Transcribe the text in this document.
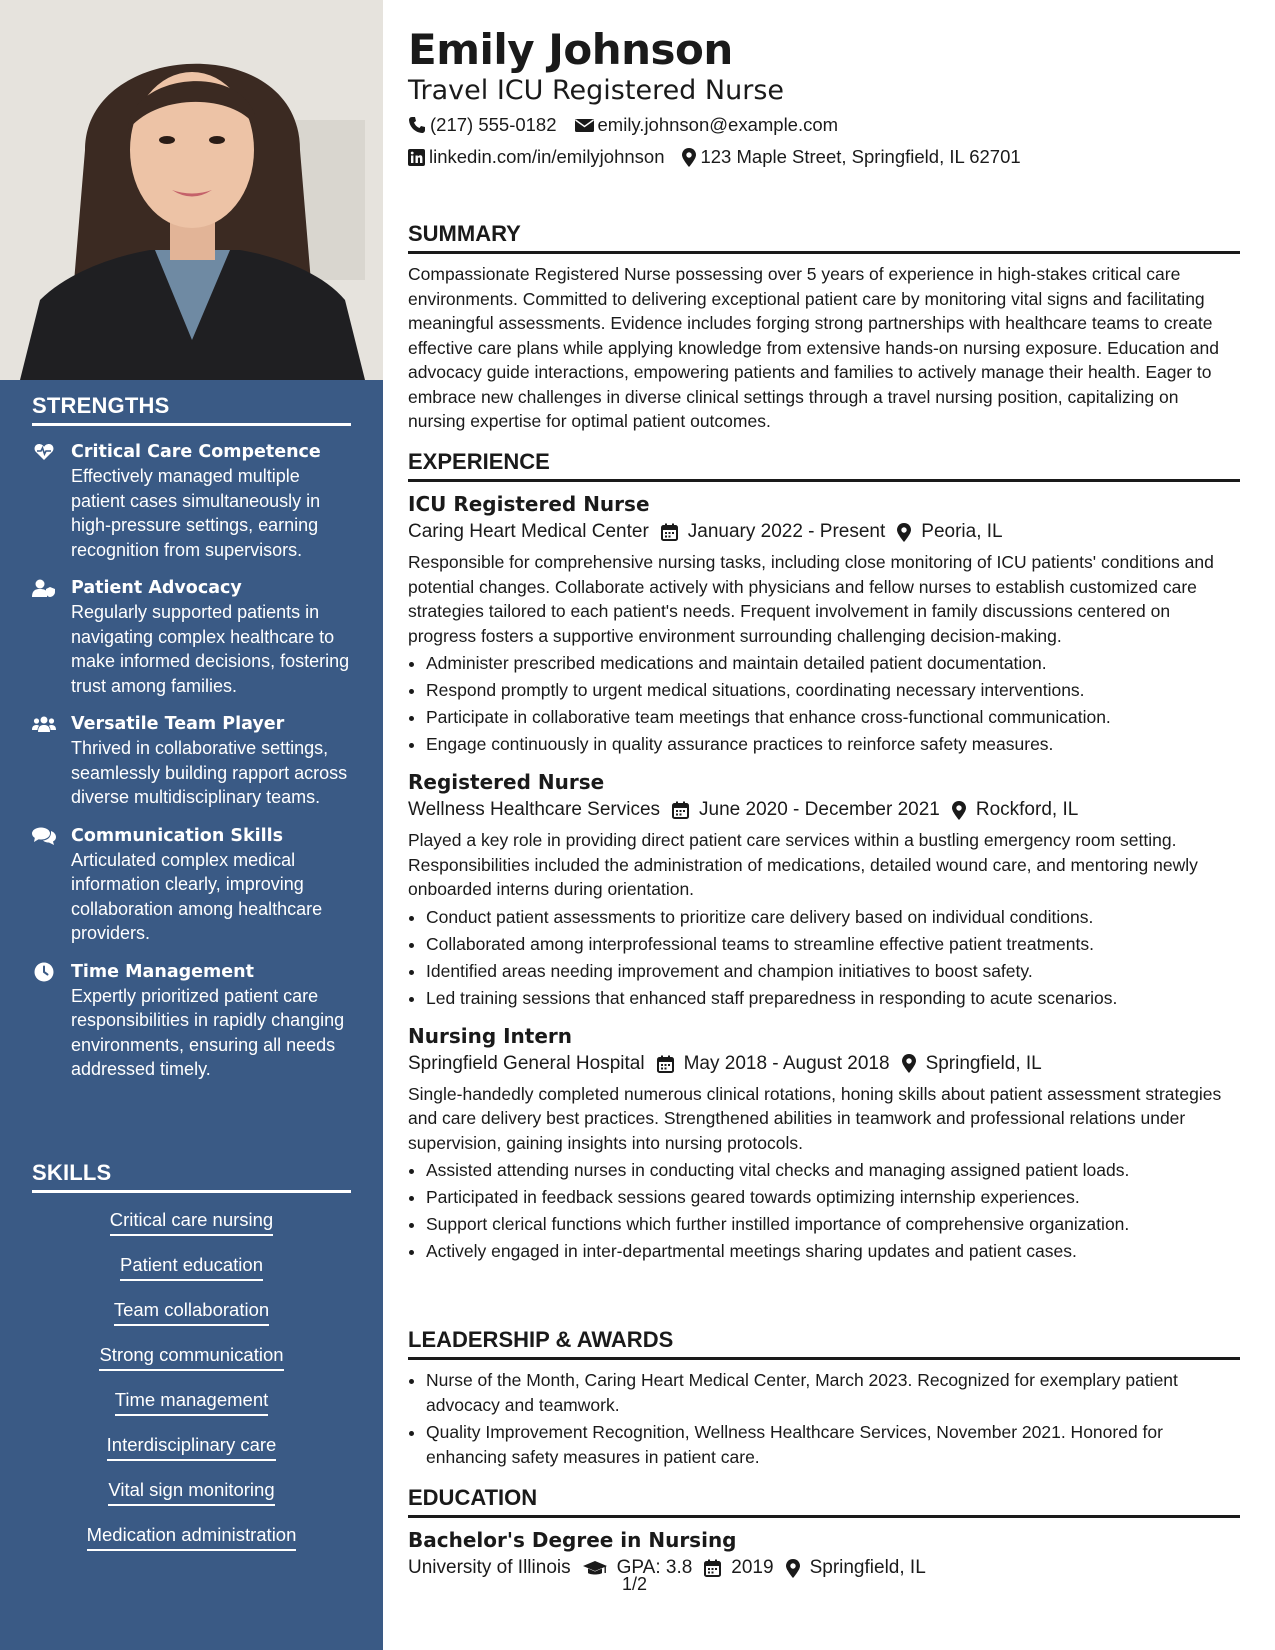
STRENGTHS
Critical Care Competence
Effectively managed multiple patient cases simultaneously in high-pressure settings, earning recognition from supervisors.
Patient Advocacy
Regularly supported patients in navigating complex healthcare to make informed decisions, fostering trust among families.
Versatile Team Player
Thrived in collaborative settings, seamlessly building rapport across diverse multidisciplinary teams.
Communication Skills
Articulated complex medical information clearly, improving collaboration among healthcare providers.
Time Management
Expertly prioritized patient care responsibilities in rapidly changing environments, ensuring all needs addressed timely.
SKILLS
Critical care nursing
Patient education
Team collaboration
Strong communication
Time management
Interdisciplinary care
Vital sign monitoring
Medication administration
Emily Johnson
Travel ICU Registered Nurse
(217) 555-0182 emily.johnson@example.com
linkedin.com/in/emilyjohnson 123 Maple Street, Springfield, IL 62701
SUMMARY

Compassionate Registered Nurse possessing over 5 years of experience in high-stakes critical care environments. Committed to delivering exceptional patient care by monitoring vital signs and facilitating meaningful assessments. Evidence includes forging strong partnerships with healthcare teams to create effective care plans while applying knowledge from extensive hands-on nursing exposure. Education and advocacy guide interactions, empowering patients and families to actively manage their health. Eager to embrace new challenges in diverse clinical settings through a travel nursing position, capitalizing on nursing expertise for optimal patient outcomes.

EXPERIENCE
ICU Registered Nurse
Caring Heart Medical Center January 2022 - Present Peoria, IL

Responsible for comprehensive nursing tasks, including close monitoring of ICU patients' conditions and potential changes. Collaborate actively with physicians and fellow nurses to establish customized care strategies tailored to each patient's needs. Frequent involvement in family discussions centered on progress fosters a supportive environment surrounding challenging decision-making.

• Administer prescribed medications and maintain detailed patient documentation.
• Respond promptly to urgent medical situations, coordinating necessary interventions.
• Participate in collaborative team meetings that enhance cross-functional communication.
• Engage continuously in quality assurance practices to reinforce safety measures.
Registered Nurse
Wellness Healthcare Services June 2020 - December 2021 Rockford, IL

Played a key role in providing direct patient care services within a bustling emergency room setting. Responsibilities included the administration of medications, detailed wound care, and mentoring newly onboarded interns during orientation.

• Conduct patient assessments to prioritize care delivery based on individual conditions.
• Collaborated among interprofessional teams to streamline effective patient treatments.
• Identified areas needing improvement and champion initiatives to boost safety.
• Led training sessions that enhanced staff preparedness in responding to acute scenarios.
Nursing Intern
Springfield General Hospital May 2018 - August 2018 Springfield, IL

Single-handedly completed numerous clinical rotations, honing skills about patient assessment strategies and care delivery best practices. Strengthened abilities in teamwork and professional relations under supervision, gaining insights into nursing protocols.

• Assisted attending nurses in conducting vital checks and managing assigned patient loads.
• Participated in feedback sessions geared towards optimizing internship experiences.
• Support clerical functions which further instilled importance of comprehensive organization.
• Actively engaged in inter-departmental meetings sharing updates and patient cases.
LEADERSHIP & AWARDS
• Nurse of the Month, Caring Heart Medical Center, March 2023. Recognized for exemplary patient advocacy and teamwork.
• Quality Improvement Recognition, Wellness Healthcare Services, November 2021. Honored for enhancing safety measures in patient care.
EDUCATION
Bachelor's Degree in Nursing
University of Illinois GPA: 3.8 2019 Springfield, IL
1/2
